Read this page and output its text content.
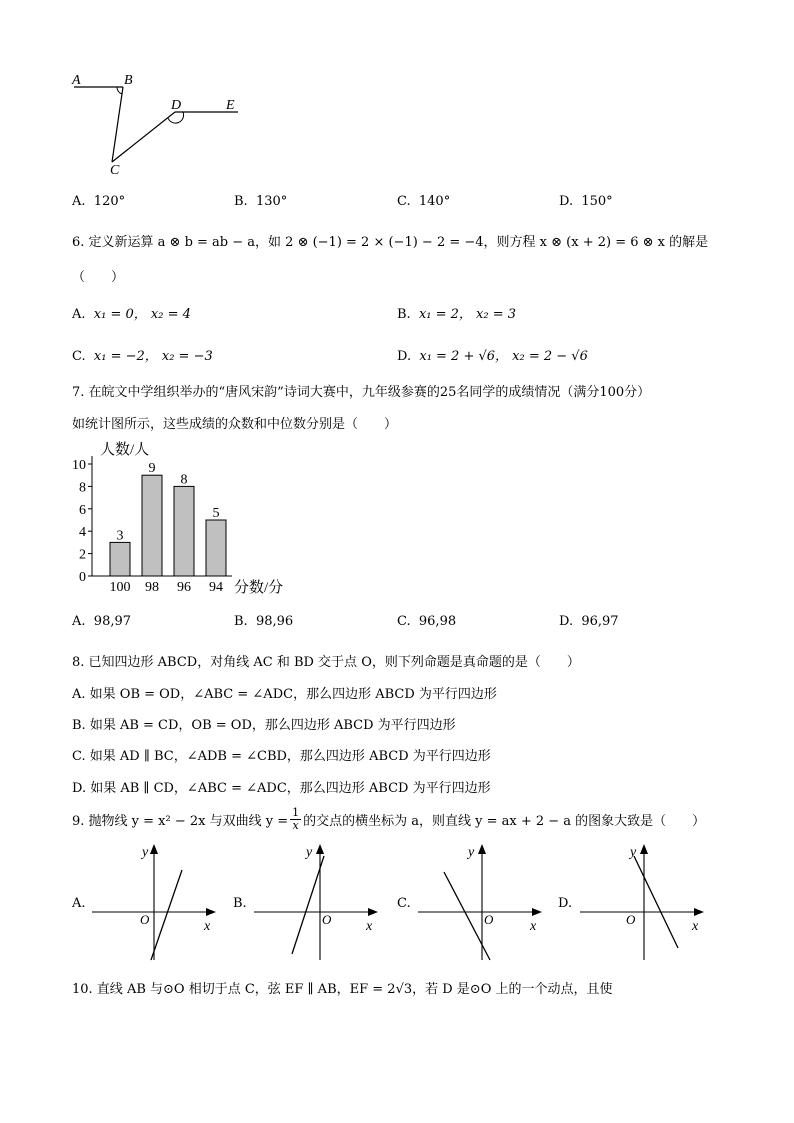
A	B
C
D	E
A. 120°	B. 130°	C. 140°	D. 150°
6. 定义新运算 a ⊗ b = ab − a，如 2 ⊗ (−1) = 2 × (−1) − 2 = −4，则方程 x ⊗ (x + 2) = 6 ⊗ x 的解是
（　　）
A. x₁ = 0， x₂ = 4	B. x₁ = 2， x₂ = 3
C. x₁ = −2， x₂ = −3	D. x₁ = 2 + √6， x₂ = 2 − √6
7. 在皖文中学组织举办的“唐风宋韵”诗词大赛中，九年级参赛的25名同学的成绩情况（满分100分）
如统计图所示，这些成绩的众数和中位数分别是（　　）
0
2
4
6
8
10
人数/人
分数/分
3
100
9
98
8
96
5
94
A. 98,97	B. 98,96	C. 96,98	D. 96,97
8. 已知四边形 ABCD，对角线 AC 和 BD 交于点 O，则下列命题是真命题的是（　　）
A. 如果 OB = OD，∠ABC = ∠ADC，那么四边形 ABCD 为平行四边形
B. 如果 AB = CD，OB = OD，那么四边形 ABCD 为平行四边形
C. 如果 AD ∥ BC，∠ADB = ∠CBD，那么四边形 ABCD 为平行四边形
D. 如果 AB ∥ CD，∠ABC = ∠ADC，那么四边形 ABCD 为平行四边形
9. 抛物线 y = x² − 2x 与双曲线 $y = \frac{1}{x}$ 的交点的横坐标为 a，则直线 y = ax + 2 − a 的图象大致是（　　）
A.
y
x
O
B.
y
x
O
C.
y
x
O
D.
y
x
O
10. 直线 AB 与⊙O 相切于点 C，弦 EF ∥ AB，EF = 2√3，若 D 是⊙O 上的一个动点，且使
